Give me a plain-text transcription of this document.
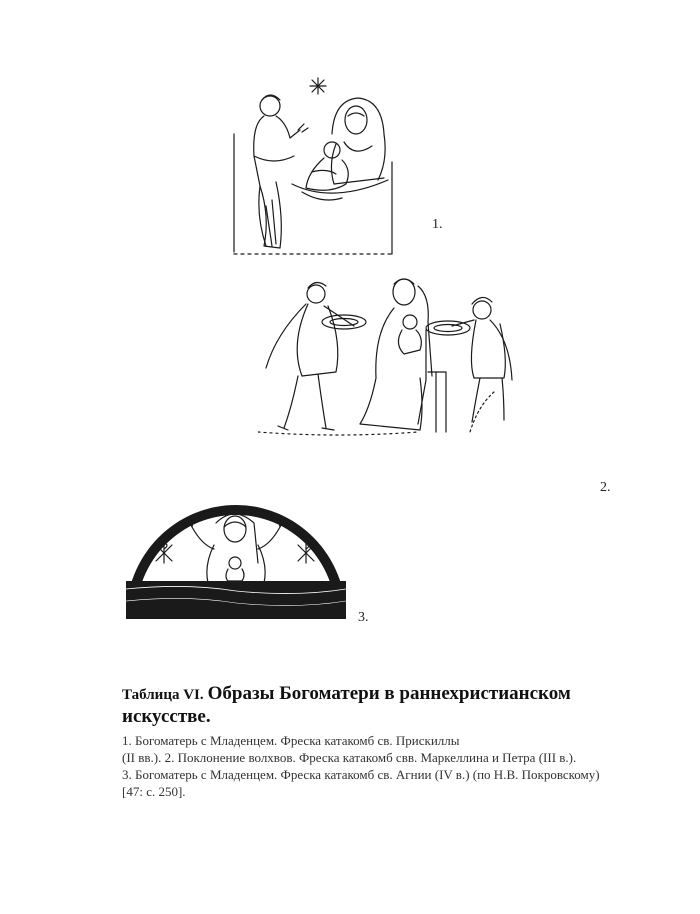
1.
2.
3.

Таблица VI. Образы Богоматери в раннехристианском искусстве.

1. Богоматерь с Младенцем. Фреска катакомб св. Прискиллы
(II вв.). 2. Поклонение волхвов. Фреска катакомб свв. Маркеллина и Петра (III в.).
3. Богоматерь с Младенцем. Фреска катакомб св. Агнии (IV в.) (по Н.В. Покровскому)
[47: с. 250].
